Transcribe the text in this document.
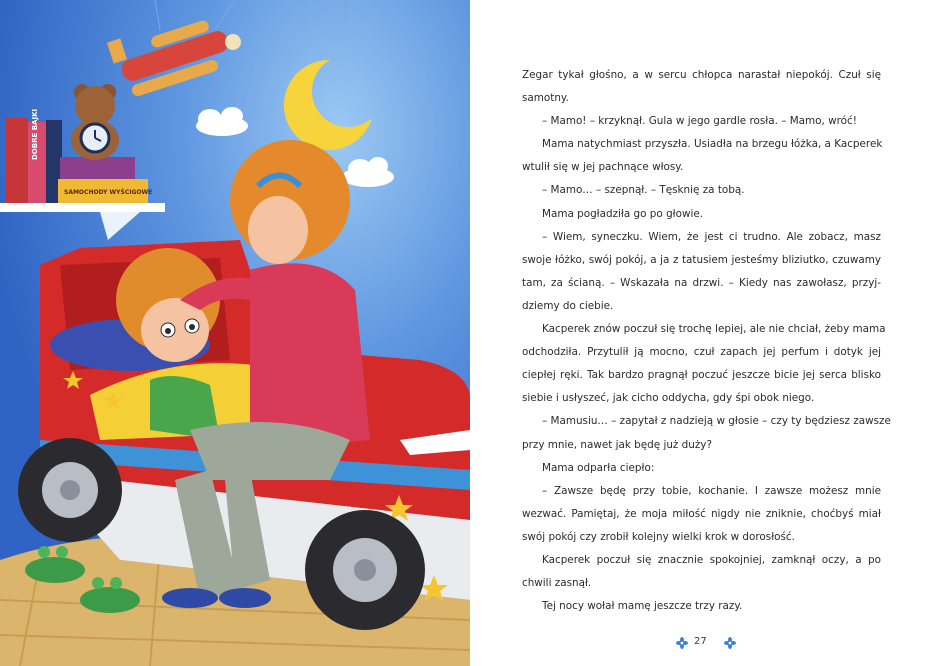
DOBRE BAJKI
SAMOCHODY WYŚCIGOWE
Zegar tykał głośno, a w sercu chłopca narastał niepokój. Czuł się
samotny.
– Mamo! – krzyknął. Gula w jego gardle rosła. – Mamo, wróć!
Mama natychmiast przyszła. Usiadła na brzegu łóżka, a Kacperek
wtulił się w jej pachnące włosy.
– Mamo… – szepnął. – Tęsknię za tobą.
Mama pogładziła go po głowie.
– Wiem, syneczku. Wiem, że jest ci trudno. Ale zobacz, masz
swoje łóżko, swój pokój, a ja z tatusiem jesteśmy bliziutko, czuwamy
tam, za ścianą. – Wskazała na drzwi. – Kiedy nas zawołasz, przyj-
dziemy do ciebie.
Kacperek znów poczuł się trochę lepiej, ale nie chciał, żeby mama
odchodziła. Przytulił ją mocno, czuł zapach jej perfum i dotyk jej
ciepłej ręki. Tak bardzo pragnął poczuć jeszcze bicie jej serca blisko
siebie i usłyszeć, jak cicho oddycha, gdy śpi obok niego.
– Mamusiu… – zapytał z nadzieją w głosie – czy ty będziesz zawsze
przy mnie, nawet jak będę już duży?
Mama odparła ciepło:
– Zawsze będę przy tobie, kochanie. I zawsze możesz mnie
wezwać. Pamiętaj, że moja miłość nigdy nie zniknie, choćbyś miał
swój pokój czy zrobił kolejny wielki krok w dorosłość.
Kacperek poczuł się znacznie spokojniej, zamknął oczy, a po
chwili zasnął.
Tej nocy wołał mamę jeszcze trzy razy.
27
